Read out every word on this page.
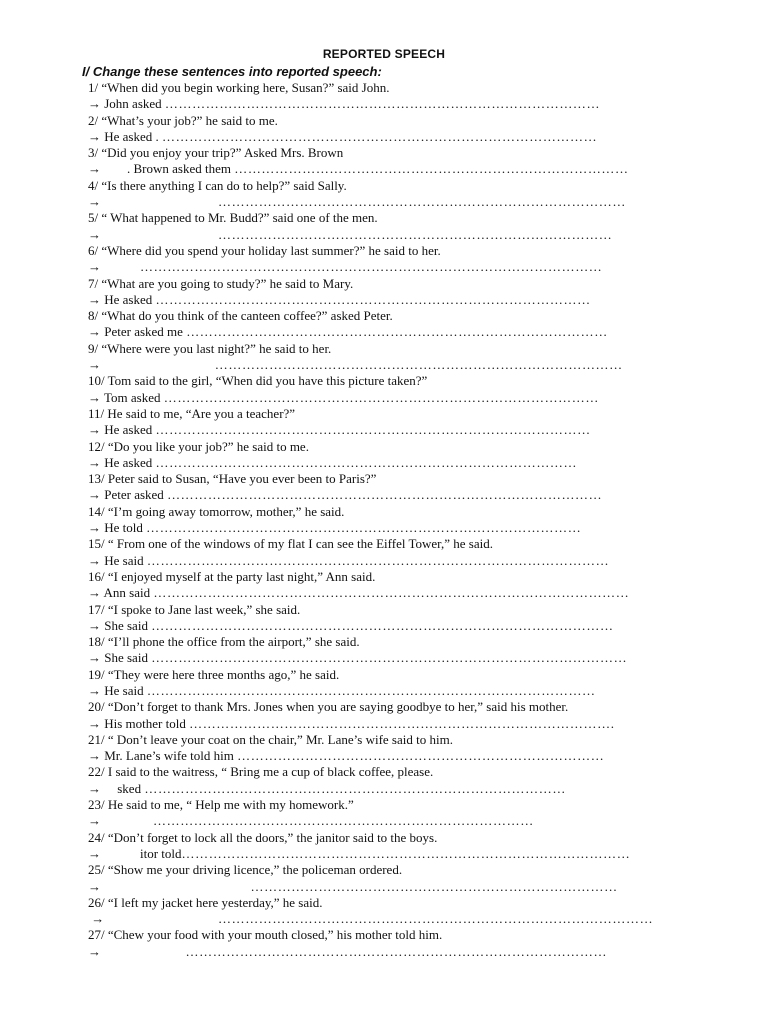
REPORTED SPEECH
I/ Change these sentences into reported speech:
1/ “When did you begin working here, Susan?” said John.
→ John asked ……………………………………………………………………………………
2/ “What’s your job?” he said to me.
→ He asked . ……………………………………………………………………………………
3/ “Did you enjoy your trip?” Asked Mrs. Brown
→        . Brown asked them ……………………………………………………………………………
4/ “Is there anything I can do to help?” said Sally.
→                                    ………………………………………………………………………………
5/ “ What happened to Mr. Budd?” said one of the men.
→                                    ……………………………………………………………………………
6/ “Where did you spend your holiday last summer?” he said to her.
→            …………………………………………………………………………………………
7/ “What are you going to study?” he said to Mary.
→ He asked ……………………………………………………………………………………
8/ “What do you think of the canteen coffee?” asked Peter.
→ Peter asked me …………………………………………………………………………………
9/ “Where were you last night?” he said to her.
→                                   ………………………………………………………………………………
10/ Tom said to the girl, “When did you have this picture taken?”
→ Tom asked ……………………………………………………………………………………
11/ He said to me, “Are you a teacher?”
→ He asked ……………………………………………………………………………………
12/ “Do you like your job?” he said to me.
→ He asked …………………………………………………………………………………
13/ Peter said to Susan, “Have you ever been to Paris?”
→ Peter asked ……………………………………………………………………………………
14/ “I’m going away tomorrow, mother,” he said.
→ He told ……………………………………………………………………………………
15/ “ From one of the windows of my flat I can see the Eiffel Tower,” he said.
→ He said …………………………………………………………………………………………
16/ “I enjoyed myself at the party last night,” Ann said.
→ Ann said ……………………………………………………………………………………………
17/ “I spoke to Jane last week,” she said.
→ She said …………………………………………………………………………………………
18/ “I’ll phone the office from the airport,” she said.
→ She said ……………………………………………………………………………………………
19/ “They were here three months ago,” he said.
→ He said ………………………………………………………………………………………
20/ “Don’t forget to thank Mrs. Jones when you are saying goodbye to her,” said his mother.
→ His mother told ………………………………………………………………………………….
21/ “ Don’t leave your coat on the chair,” Mr. Lane’s wife said to him.
→ Mr. Lane’s wife told him ………………………………………………………………………
22/ I said to the waitress, “ Bring me a cup of black coffee, please.
→     sked …………………………………………………………………………………
23/ He said to me, “ Help me with my homework.”
→                …………………………………………………………………………
24/ “Don’t forget to lock all the doors,” the janitor said to the boys.
→            itor told………………………………………………………………………………………
25/ “Show me your driving licence,” the policeman ordered.
→                                              ………………………………………………………………………
26/ “I left my jacket here yesterday,” he said.
→                                   ……………………………………………………………………………………
27/ “Chew your food with your mouth closed,” his mother told him.
→                          …………………………………………………………………………………
